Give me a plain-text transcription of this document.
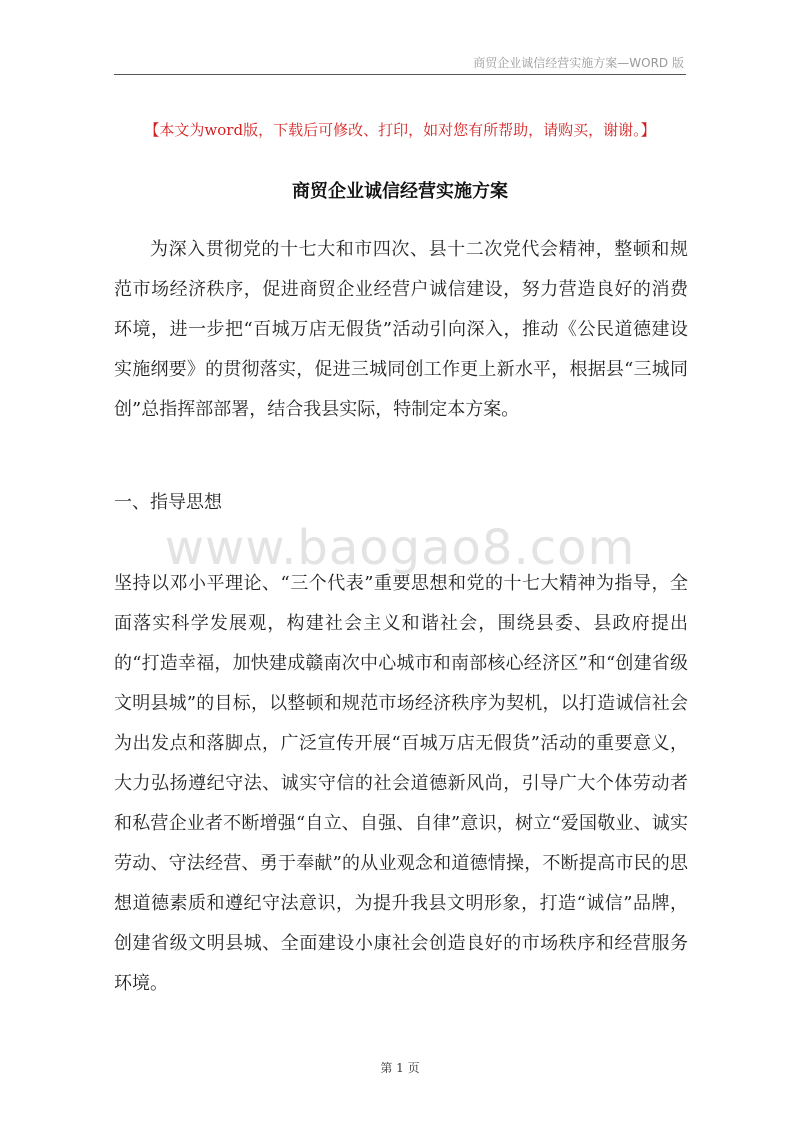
商贸企业诚信经营实施方案—WORD 版
【本文为word版，下载后可修改、打印，如对您有所帮助，请购买，谢谢。】
商贸企业诚信经营实施方案

为深入贯彻党的十七大和市四次、县十二次党代会精神，整顿和规范市场经济秩序，促进商贸企业经营户诚信建设，努力营造良好的消费环境，进一步把“百城万店无假货”活动引向深入，推动《公民道德建设实施纲要》的贯彻落实，促进三城同创工作更上新水平，根据县“三城同创”总指挥部部署，结合我县实际，特制定本方案。

一、指导思想
www.baogao8.com

坚持以邓小平理论、“三个代表”重要思想和党的十七大精神为指导，全面落实科学发展观，构建社会主义和谐社会，围绕县委、县政府提出的“打造幸福，加快建成赣南次中心城市和南部核心经济区”和“创建省级文明县城”的目标，以整顿和规范市场经济秩序为契机，以打造诚信社会为出发点和落脚点，广泛宣传开展“百城万店无假货”活动的重要意义，大力弘扬遵纪守法、诚实守信的社会道德新风尚，引导广大个体劳动者和私营企业者不断增强“自立、自强、自律”意识，树立“爱国敬业、诚实劳动、守法经营、勇于奉献”的从业观念和道德情操，不断提高市民的思想道德素质和遵纪守法意识，为提升我县文明形象，打造“诚信”品牌，创建省级文明县城、全面建设小康社会创造良好的市场秩序和经营服务环境。

第 1 页
